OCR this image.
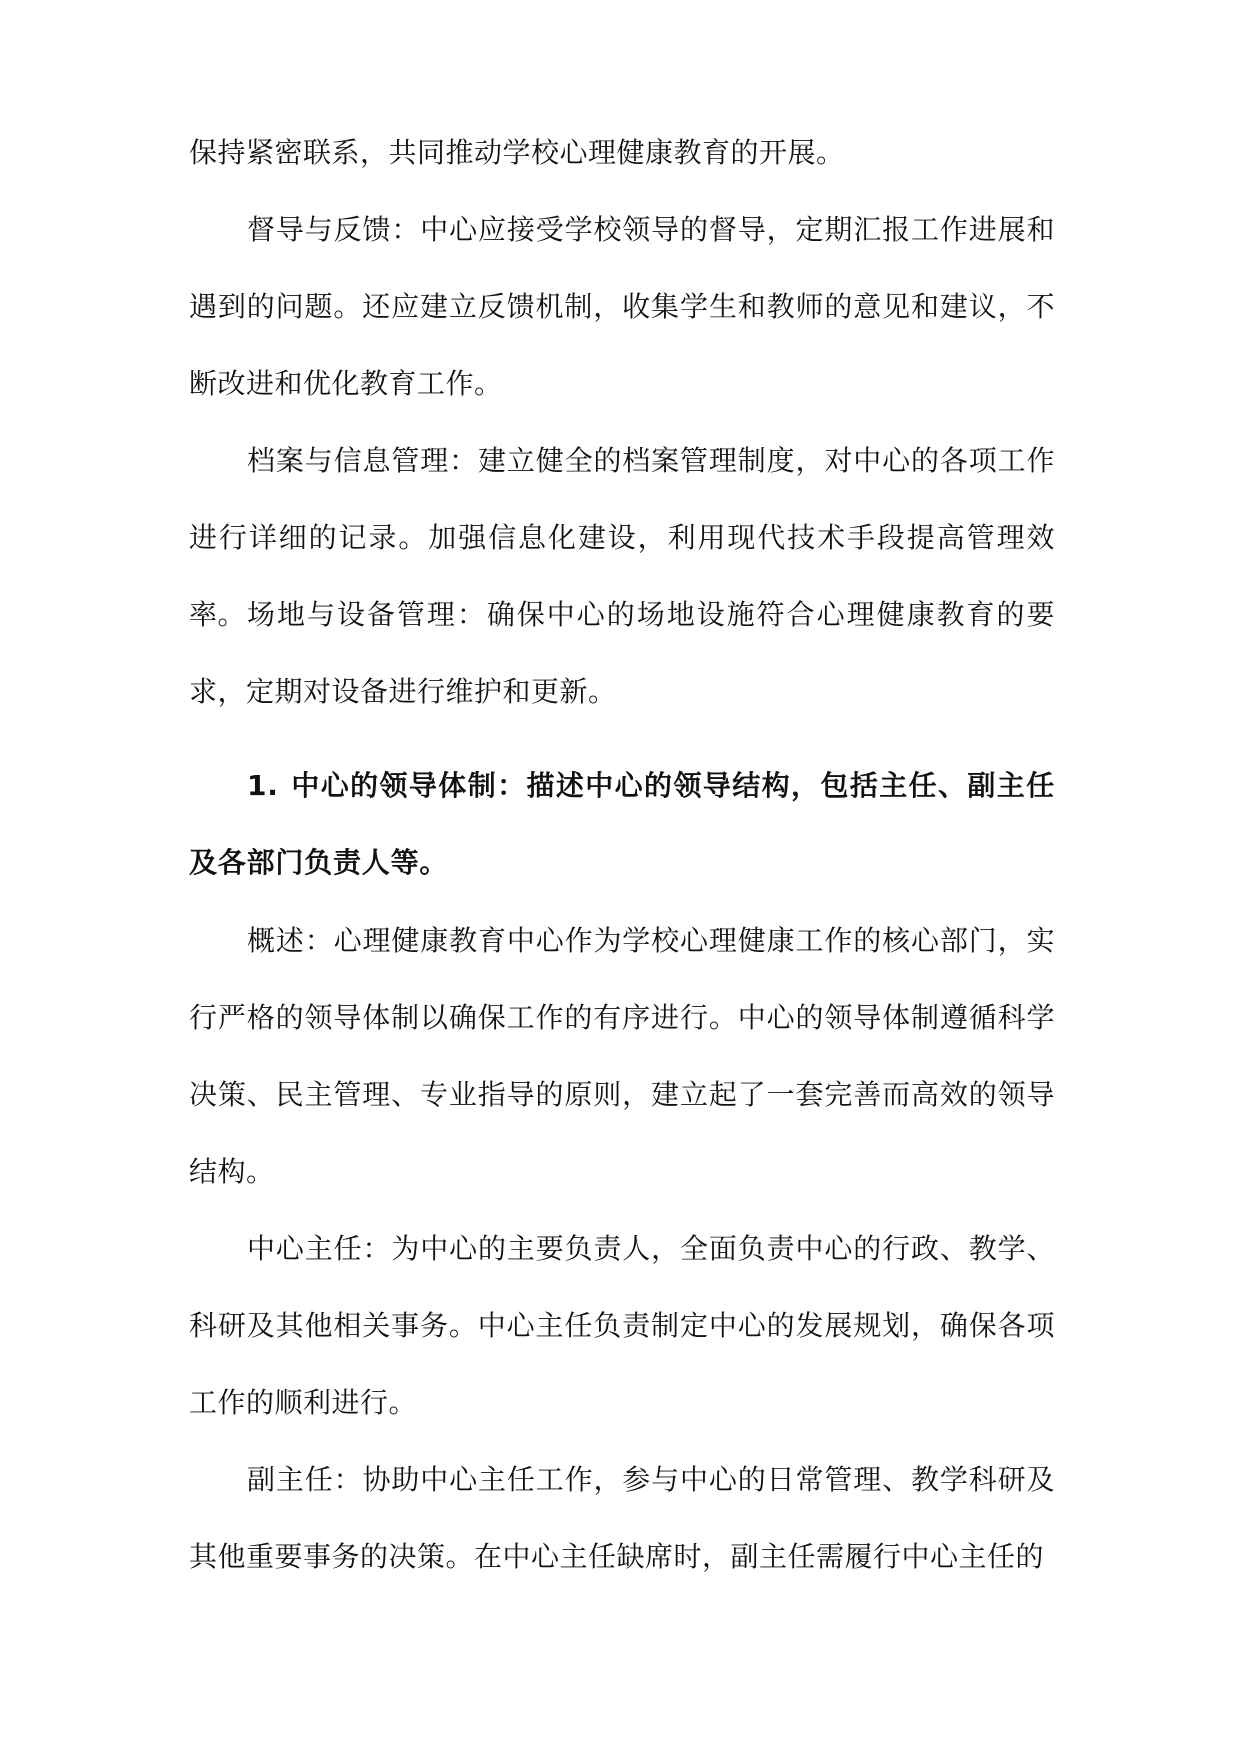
保持紧密联系，共同推动学校心理健康教育的开展。

督导与反馈：中心应接受学校领导的督导，定期汇报工作进展和遇到的问题。还应建立反馈机制，收集学生和教师的意见和建议，不断改进和优化教育工作。

档案与信息管理：建立健全的档案管理制度，对中心的各项工作进行详细的记录。加强信息化建设，利用现代技术手段提高管理效率。 场地与设备管理：确保中心的场地设施符合心理健康教育的要求，定期对设备进行维护和更新。

1. 中心的领导体制：描述中心的领导结构，包括主任、副主任及各部门负责人等。

概述：心理健康教育中心作为学校心理健康工作的核心部门，实行严格的领导体制以确保工作的有序进行。中心的领导体制遵循科学决策、民主管理、专业指导的原则，建立起了一套完善而高效的领导结构。

中心主任：为中心的主要负责人，全面负责中心的行政、教学、科研及其他相关事务。中心主任负责制定中心的发展规划，确保各项工作的顺利进行。

副主任：协助中心主任工作，参与中心的日常管理、教学科研及其他重要事务的决策。在中心主任缺席时，副主任需履行中心主任的
